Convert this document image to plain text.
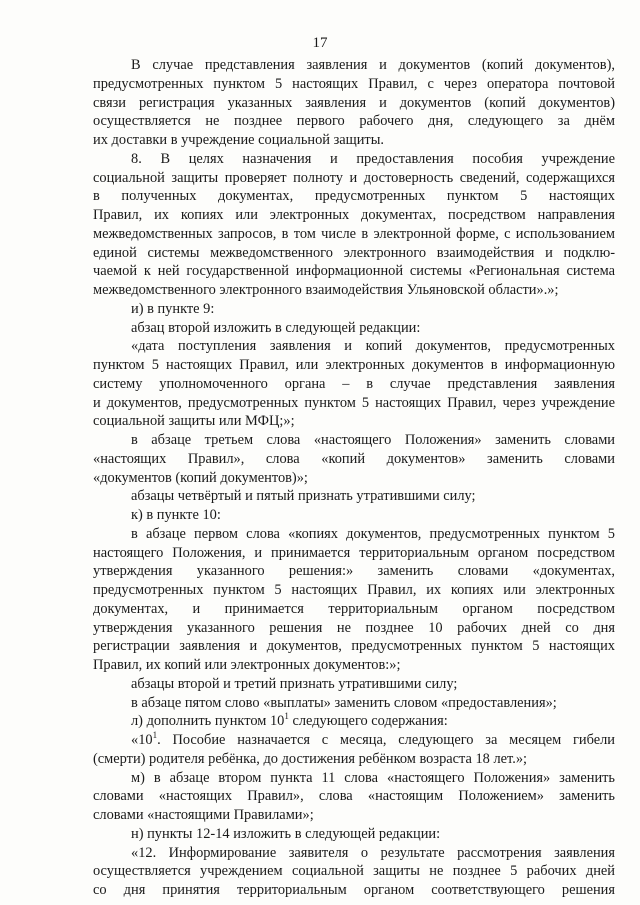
17
В случае представления заявления и документов (копий документов),
предусмотренных пунктом 5 настоящих Правил, с через оператора почтовой
связи регистрация указанных заявления и документов (копий документов)
осуществляется не позднее первого рабочего дня, следующего за днём
их доставки в учреждение социальной защиты.
8. В целях назначения и предоставления пособия учреждение
социальной защиты проверяет полноту и достоверность сведений, содержащихся
в полученных документах, предусмотренных пунктом 5 настоящих
Правил, их копиях или электронных документах, посредством направления
межведомственных запросов, в том числе в электронной форме, с использованием
единой системы межведомственного электронного взаимодействия и подклю-
чаемой к ней государственной информационной системы «Региональная система
межведомственного электронного взаимодействия Ульяновской области».»;
и) в пункте 9:
абзац второй изложить в следующей редакции:
«дата поступления заявления и копий документов, предусмотренных
пунктом 5 настоящих Правил, или электронных документов в информационную
систему уполномоченного органа – в случае представления заявления
и документов, предусмотренных пунктом 5 настоящих Правил, через учреждение
социальной защиты или МФЦ;»;
в абзаце третьем слова «настоящего Положения» заменить словами
«настоящих Правил», слова «копий документов» заменить словами
«документов (копий документов)»;
абзацы четвёртый и пятый признать утратившими силу;
к) в пункте 10:
в абзаце первом слова «копиях документов, предусмотренных пунктом 5
настоящего Положения, и принимается территориальным органом посредством
утверждения указанного решения:» заменить словами «документах,
предусмотренных пунктом 5 настоящих Правил, их копиях или электронных
документах, и принимается территориальным органом посредством
утверждения указанного решения не позднее 10 рабочих дней со дня
регистрации заявления и документов, предусмотренных пунктом 5 настоящих
Правил, их копий или электронных документов:»;
абзацы второй и третий признать утратившими силу;
в абзаце пятом слово «выплаты» заменить словом «предоставления»;
л) дополнить пунктом $10^1$ следующего содержания:
«$10^1$. Пособие назначается с месяца, следующего за месяцем гибели
(смерти) родителя ребёнка, до достижения ребёнком возраста 18 лет.»;
м) в абзаце втором пункта 11 слова «настоящего Положения» заменить
словами «настоящих Правил», слова «настоящим Положением» заменить
словами «настоящими Правилами»;
н) пункты 12-14 изложить в следующей редакции:
«12. Информирование заявителя о результате рассмотрения заявления
осуществляется учреждением социальной защиты не позднее 5 рабочих дней
со дня принятия территориальным органом соответствующего решения
